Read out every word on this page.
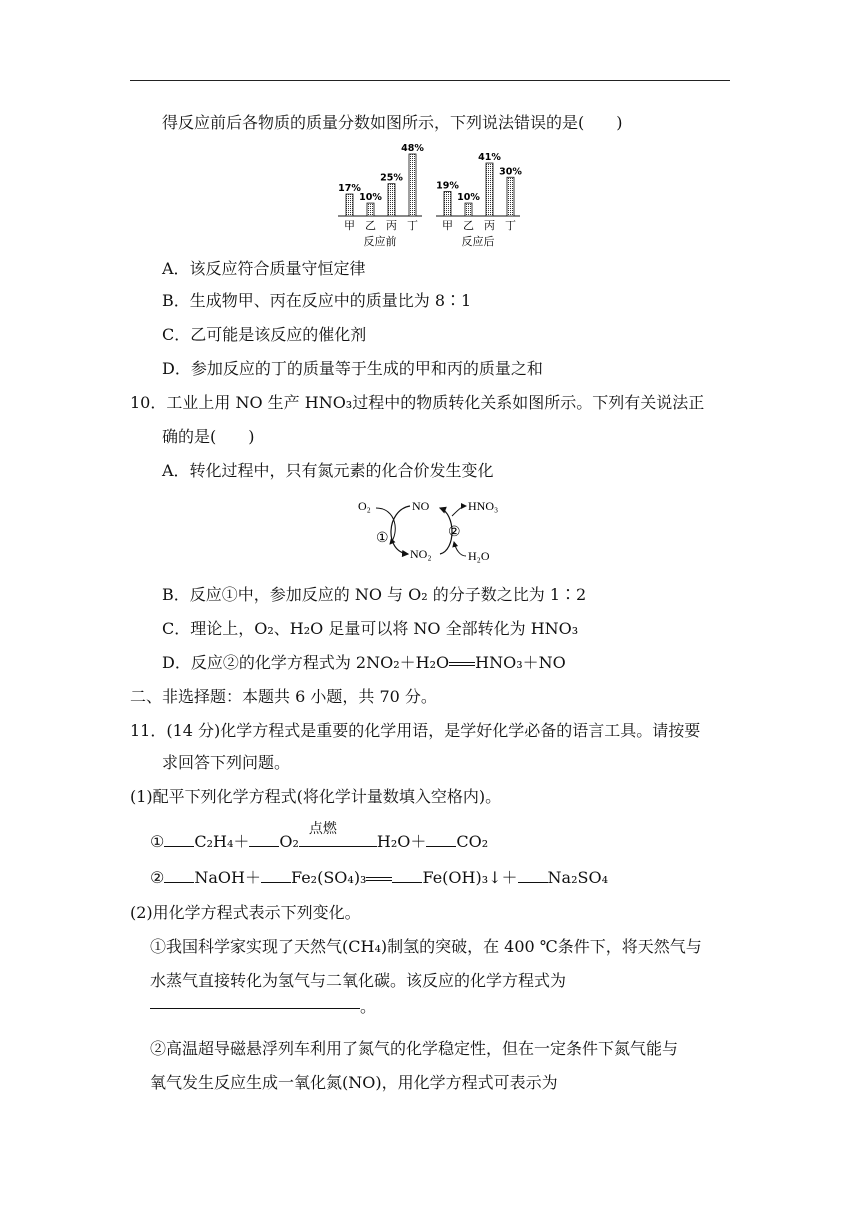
得反应前后各物质的质量分数如图所示，下列说法错误的是(　　)
17%
甲
10%
乙
25%
丙
48%
丁
反应前
19%
甲
10%
乙
41%
丙
30%
丁
反应后
A．该反应符合质量守恒定律
B．生成物甲、丙在反应中的质量比为 8∶1
C．乙可能是该反应的催化剂
D．参加反应的丁的质量等于生成的甲和丙的质量之和
10．工业上用 NO 生产 HNO₃过程中的物质转化关系如图所示。下列有关说法正
确的是(　　)
A．转化过程中，只有氮元素的化合价发生变化
O₂	NO
①
NO₂
②
HNO₃
H₂O
B．反应①中，参加反应的 NO 与 O₂ 的分子数之比为 1∶2
C．理论上，O₂、H₂O 足量可以将 NO 全部转化为 HNO₃
D．反应②的化学方程式为 2NO₂＋H₂O HNO₃＋NO
二、非选择题：本题共 6 小题，共 70 分。
11．(14 分)化学方程式是重要的化学用语，是学好化学必备的语言工具。请按要
求回答下列问题。
(1)配平下列化学方程式(将化学计量数填入空格内)。
① C₂H₄＋ O₂
点燃
H₂O＋ CO₂
② NaOH＋ Fe₂(SO₄)₃	Fe(OH)₃↓＋ Na₂SO₄
(2)用化学方程式表示下列变化。
①我国科学家实现了天然气(CH₄)制氢的突破，在 400 ℃条件下，将天然气与
水蒸气直接转化为氢气与二氧化碳。该反应的化学方程式为
。
②高温超导磁悬浮列车利用了氮气的化学稳定性，但在一定条件下氮气能与
氧气发生反应生成一氧化氮(NO)，用化学方程式可表示为
